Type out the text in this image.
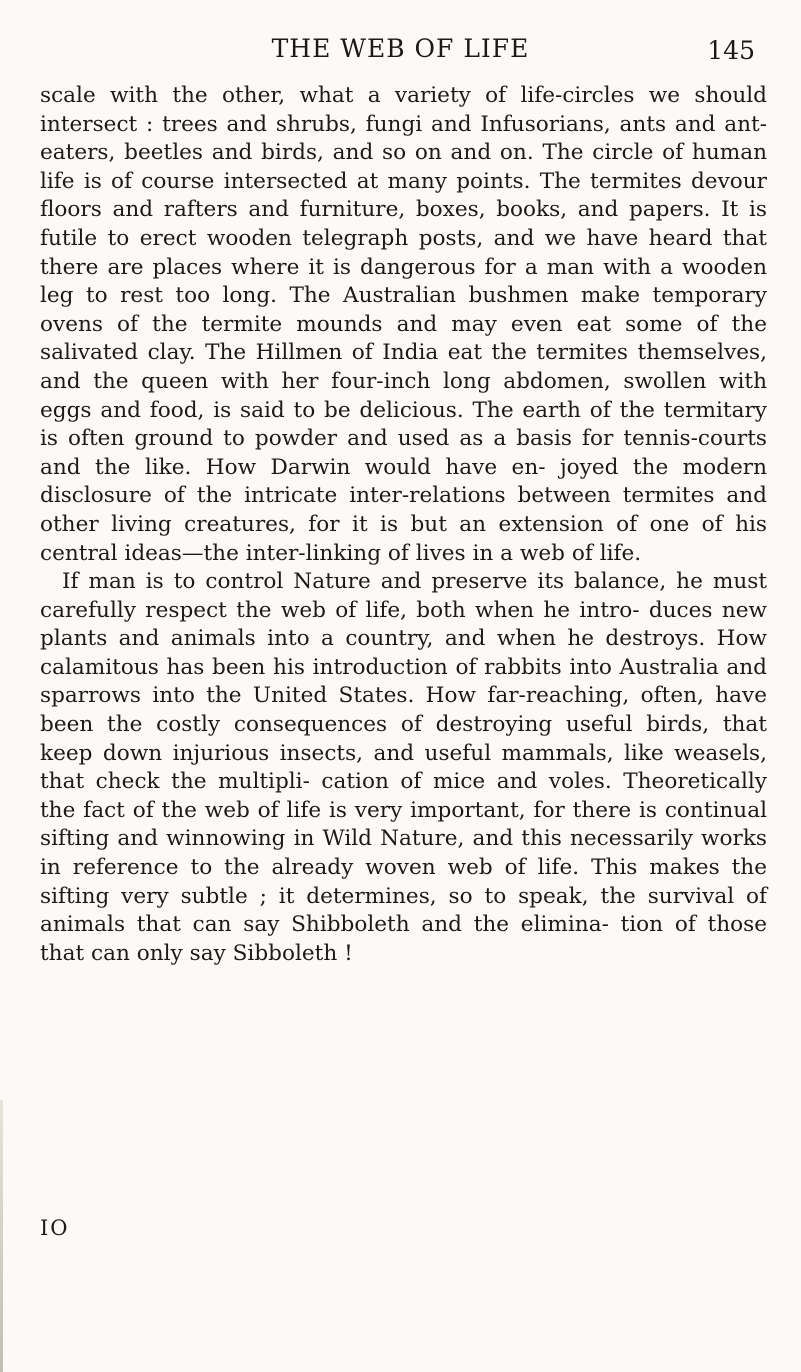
THE WEB OF LIFE	145

scale with the other, what a variety of life-circles we should intersect : trees and shrubs, fungi and Infusorians, ants and ant-eaters, beetles and birds, and so on and on. The circle of human life is of course intersected at many points. The termites devour floors and rafters and furniture, boxes, books, and papers. It is futile to erect wooden telegraph posts, and we have heard that there are places where it is dangerous for a man with a wooden leg to rest too long. The Australian bushmen make temporary ovens of the termite mounds and may even eat some of the salivated clay. The Hillmen of India eat the termites themselves, and the queen with her four-inch long abdomen, swollen with eggs and food, is said to be delicious. The earth of the termitary is often ground to powder and used as a basis for tennis-courts and the like. How Darwin would have en- joyed the modern disclosure of the intricate inter-relations between termites and other living creatures, for it is but an extension of one of his central ideas—the inter-linking of lives in a web of life.

If man is to control Nature and preserve its balance, he must carefully respect the web of life, both when he intro- duces new plants and animals into a country, and when he destroys. How calamitous has been his introduction of rabbits into Australia and sparrows into the United States. How far-reaching, often, have been the costly consequences of destroying useful birds, that keep down injurious insects, and useful mammals, like weasels, that check the multipli- cation of mice and voles. Theoretically the fact of the web of life is very important, for there is continual sifting and winnowing in Wild Nature, and this necessarily works in reference to the already woven web of life. This makes the sifting very subtle ; it determines, so to speak, the survival of animals that can say Shibboleth and the elimina- tion of those that can only say Sibboleth !

IO
